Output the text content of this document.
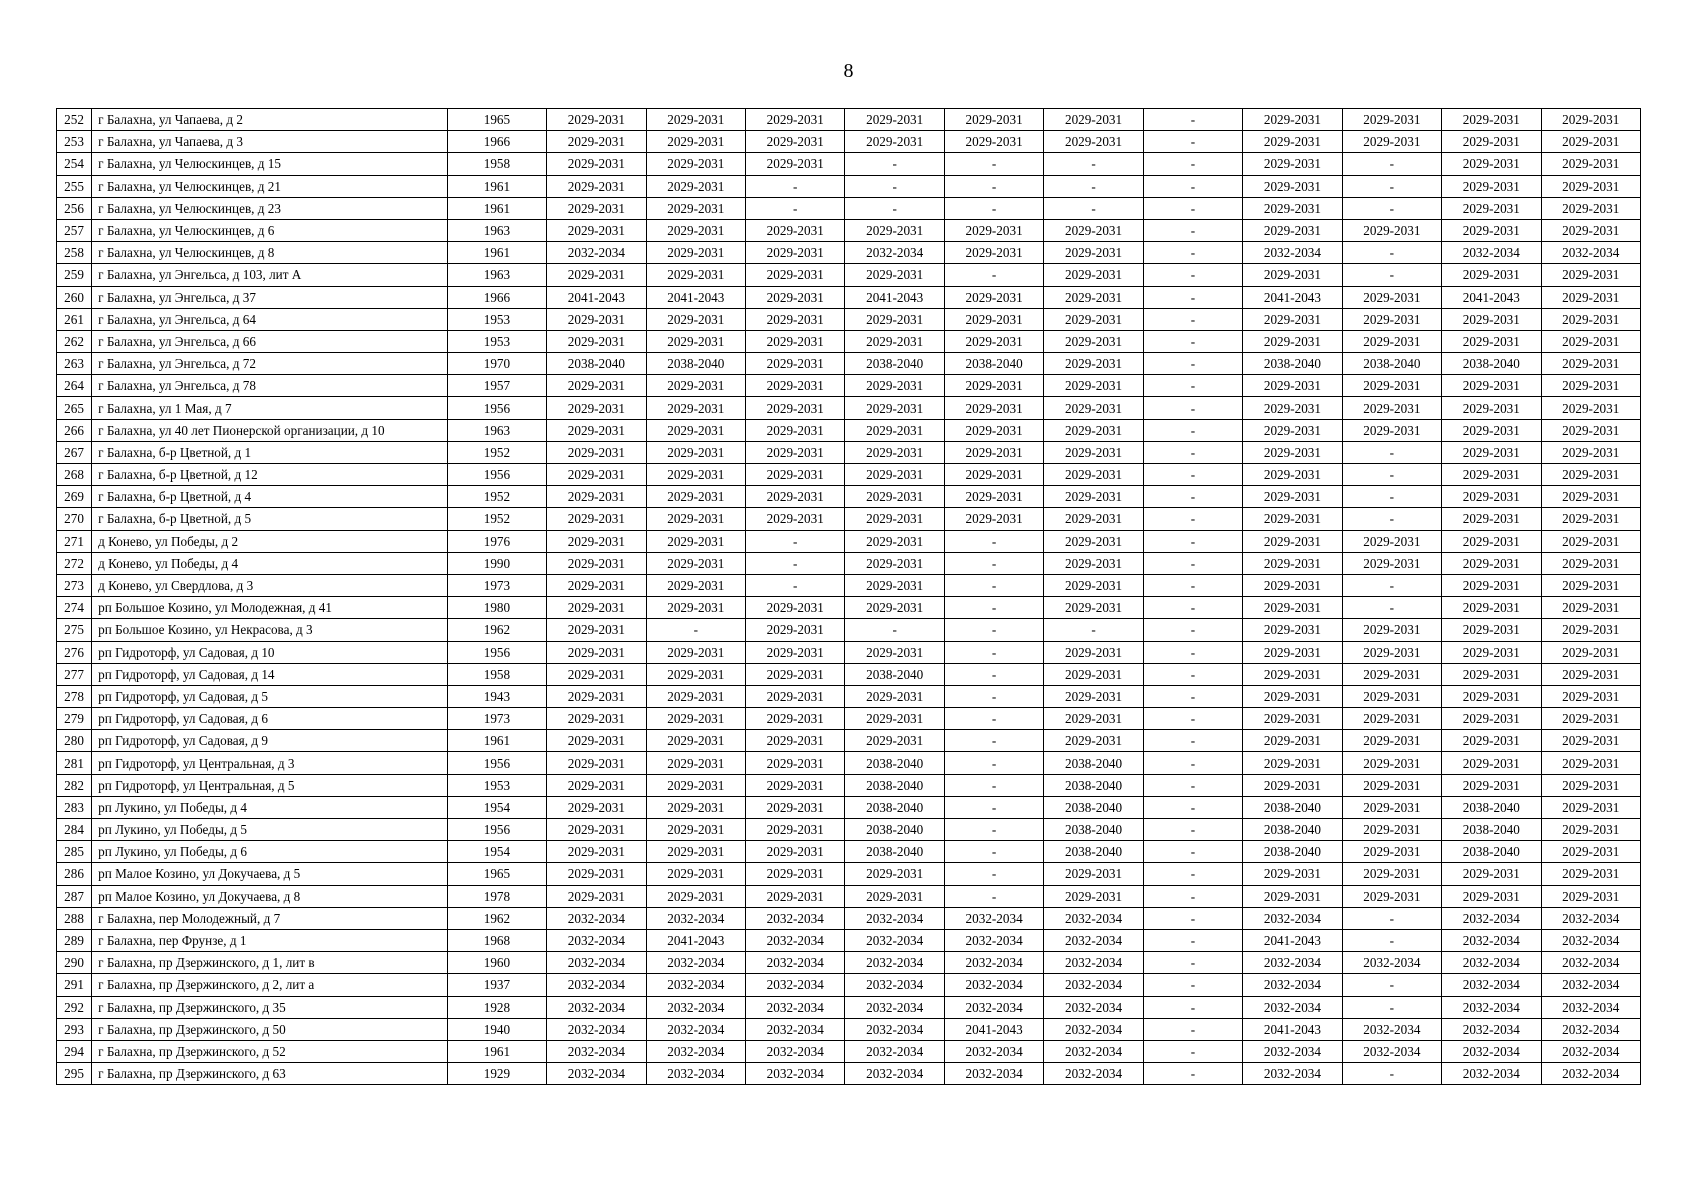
8
252	г Балахна, ул Чапаева, д 2	1965	2029-2031	2029-2031	2029-2031	2029-2031	2029-2031	2029-2031	-	2029-2031	2029-2031	2029-2031	2029-2031
253	г Балахна, ул Чапаева, д 3	1966	2029-2031	2029-2031	2029-2031	2029-2031	2029-2031	2029-2031	-	2029-2031	2029-2031	2029-2031	2029-2031
254	г Балахна, ул Челюскинцев, д 15	1958	2029-2031	2029-2031	2029-2031	-	-	-	-	2029-2031	-	2029-2031	2029-2031
255	г Балахна, ул Челюскинцев, д 21	1961	2029-2031	2029-2031	-	-	-	-	-	2029-2031	-	2029-2031	2029-2031
256	г Балахна, ул Челюскинцев, д 23	1961	2029-2031	2029-2031	-	-	-	-	-	2029-2031	-	2029-2031	2029-2031
257	г Балахна, ул Челюскинцев, д 6	1963	2029-2031	2029-2031	2029-2031	2029-2031	2029-2031	2029-2031	-	2029-2031	2029-2031	2029-2031	2029-2031
258	г Балахна, ул Челюскинцев, д 8	1961	2032-2034	2029-2031	2029-2031	2032-2034	2029-2031	2029-2031	-	2032-2034	-	2032-2034	2032-2034
259	г Балахна, ул Энгельса, д 103, лит А	1963	2029-2031	2029-2031	2029-2031	2029-2031	-	2029-2031	-	2029-2031	-	2029-2031	2029-2031
260	г Балахна, ул Энгельса, д 37	1966	2041-2043	2041-2043	2029-2031	2041-2043	2029-2031	2029-2031	-	2041-2043	2029-2031	2041-2043	2029-2031
261	г Балахна, ул Энгельса, д 64	1953	2029-2031	2029-2031	2029-2031	2029-2031	2029-2031	2029-2031	-	2029-2031	2029-2031	2029-2031	2029-2031
262	г Балахна, ул Энгельса, д 66	1953	2029-2031	2029-2031	2029-2031	2029-2031	2029-2031	2029-2031	-	2029-2031	2029-2031	2029-2031	2029-2031
263	г Балахна, ул Энгельса, д 72	1970	2038-2040	2038-2040	2029-2031	2038-2040	2038-2040	2029-2031	-	2038-2040	2038-2040	2038-2040	2029-2031
264	г Балахна, ул Энгельса, д 78	1957	2029-2031	2029-2031	2029-2031	2029-2031	2029-2031	2029-2031	-	2029-2031	2029-2031	2029-2031	2029-2031
265	г Балахна, ул 1 Мая, д 7	1956	2029-2031	2029-2031	2029-2031	2029-2031	2029-2031	2029-2031	-	2029-2031	2029-2031	2029-2031	2029-2031
266	г Балахна, ул 40 лет Пионерской организации, д 10	1963	2029-2031	2029-2031	2029-2031	2029-2031	2029-2031	2029-2031	-	2029-2031	2029-2031	2029-2031	2029-2031
267	г Балахна, б-р Цветной, д 1	1952	2029-2031	2029-2031	2029-2031	2029-2031	2029-2031	2029-2031	-	2029-2031	-	2029-2031	2029-2031
268	г Балахна, б-р Цветной, д 12	1956	2029-2031	2029-2031	2029-2031	2029-2031	2029-2031	2029-2031	-	2029-2031	-	2029-2031	2029-2031
269	г Балахна, б-р Цветной, д 4	1952	2029-2031	2029-2031	2029-2031	2029-2031	2029-2031	2029-2031	-	2029-2031	-	2029-2031	2029-2031
270	г Балахна, б-р Цветной, д 5	1952	2029-2031	2029-2031	2029-2031	2029-2031	2029-2031	2029-2031	-	2029-2031	-	2029-2031	2029-2031
271	д Конево, ул Победы, д 2	1976	2029-2031	2029-2031	-	2029-2031	-	2029-2031	-	2029-2031	2029-2031	2029-2031	2029-2031
272	д Конево, ул Победы, д 4	1990	2029-2031	2029-2031	-	2029-2031	-	2029-2031	-	2029-2031	2029-2031	2029-2031	2029-2031
273	д Конево, ул Свердлова, д 3	1973	2029-2031	2029-2031	-	2029-2031	-	2029-2031	-	2029-2031	-	2029-2031	2029-2031
274	рп Большое Козино, ул Молодежная, д 41	1980	2029-2031	2029-2031	2029-2031	2029-2031	-	2029-2031	-	2029-2031	-	2029-2031	2029-2031
275	рп Большое Козино, ул Некрасова, д 3	1962	2029-2031	-	2029-2031	-	-	-	-	2029-2031	2029-2031	2029-2031	2029-2031
276	рп Гидроторф, ул Садовая, д 10	1956	2029-2031	2029-2031	2029-2031	2029-2031	-	2029-2031	-	2029-2031	2029-2031	2029-2031	2029-2031
277	рп Гидроторф, ул Садовая, д 14	1958	2029-2031	2029-2031	2029-2031	2038-2040	-	2029-2031	-	2029-2031	2029-2031	2029-2031	2029-2031
278	рп Гидроторф, ул Садовая, д 5	1943	2029-2031	2029-2031	2029-2031	2029-2031	-	2029-2031	-	2029-2031	2029-2031	2029-2031	2029-2031
279	рп Гидроторф, ул Садовая, д 6	1973	2029-2031	2029-2031	2029-2031	2029-2031	-	2029-2031	-	2029-2031	2029-2031	2029-2031	2029-2031
280	рп Гидроторф, ул Садовая, д 9	1961	2029-2031	2029-2031	2029-2031	2029-2031	-	2029-2031	-	2029-2031	2029-2031	2029-2031	2029-2031
281	рп Гидроторф, ул Центральная, д 3	1956	2029-2031	2029-2031	2029-2031	2038-2040	-	2038-2040	-	2029-2031	2029-2031	2029-2031	2029-2031
282	рп Гидроторф, ул Центральная, д 5	1953	2029-2031	2029-2031	2029-2031	2038-2040	-	2038-2040	-	2029-2031	2029-2031	2029-2031	2029-2031
283	рп Лукино, ул Победы, д 4	1954	2029-2031	2029-2031	2029-2031	2038-2040	-	2038-2040	-	2038-2040	2029-2031	2038-2040	2029-2031
284	рп Лукино, ул Победы, д 5	1956	2029-2031	2029-2031	2029-2031	2038-2040	-	2038-2040	-	2038-2040	2029-2031	2038-2040	2029-2031
285	рп Лукино, ул Победы, д 6	1954	2029-2031	2029-2031	2029-2031	2038-2040	-	2038-2040	-	2038-2040	2029-2031	2038-2040	2029-2031
286	рп Малое Козино, ул Докучаева, д 5	1965	2029-2031	2029-2031	2029-2031	2029-2031	-	2029-2031	-	2029-2031	2029-2031	2029-2031	2029-2031
287	рп Малое Козино, ул Докучаева, д 8	1978	2029-2031	2029-2031	2029-2031	2029-2031	-	2029-2031	-	2029-2031	2029-2031	2029-2031	2029-2031
288	г Балахна, пер Молодежный, д 7	1962	2032-2034	2032-2034	2032-2034	2032-2034	2032-2034	2032-2034	-	2032-2034	-	2032-2034	2032-2034
289	г Балахна, пер Фрунзе, д 1	1968	2032-2034	2041-2043	2032-2034	2032-2034	2032-2034	2032-2034	-	2041-2043	-	2032-2034	2032-2034
290	г Балахна, пр Дзержинского, д 1, лит в	1960	2032-2034	2032-2034	2032-2034	2032-2034	2032-2034	2032-2034	-	2032-2034	2032-2034	2032-2034	2032-2034
291	г Балахна, пр Дзержинского, д 2, лит а	1937	2032-2034	2032-2034	2032-2034	2032-2034	2032-2034	2032-2034	-	2032-2034	-	2032-2034	2032-2034
292	г Балахна, пр Дзержинского, д 35	1928	2032-2034	2032-2034	2032-2034	2032-2034	2032-2034	2032-2034	-	2032-2034	-	2032-2034	2032-2034
293	г Балахна, пр Дзержинского, д 50	1940	2032-2034	2032-2034	2032-2034	2032-2034	2041-2043	2032-2034	-	2041-2043	2032-2034	2032-2034	2032-2034
294	г Балахна, пр Дзержинского, д 52	1961	2032-2034	2032-2034	2032-2034	2032-2034	2032-2034	2032-2034	-	2032-2034	2032-2034	2032-2034	2032-2034
295	г Балахна, пр Дзержинского, д 63	1929	2032-2034	2032-2034	2032-2034	2032-2034	2032-2034	2032-2034	-	2032-2034	-	2032-2034	2032-2034
